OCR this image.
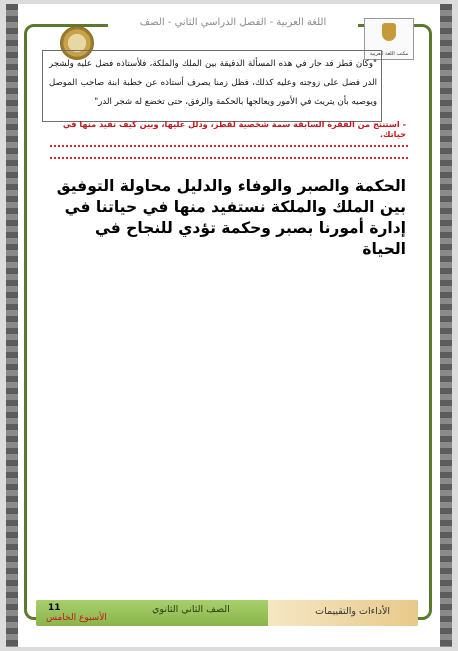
اللغة العربية - الفصل الدراسي الثاني - الصف
مكتب اللغة العربية
"وكان قطز قد حار في هذه المسألة الدقيقة بين الملك والملكة، فلأستاذه فضل عليه ولشجر الدر فضل على زوجته وعليه كذلك، فظل زمنا يصرف أستاذه عن خطبة ابنة صاحب الموصل ويوصيه بأن يتريث في الأمور ويعالجها بالحكمة والرفق، حتى تخضع له شجر الدر"
- استنتج من الفقرة السابقة سمة شخصية لقطز، ودلل عليها، وبين كيف تفيد منها في حياتك.
الحكمة والصبر والوفاء والدليل محاولة التوفيق بين الملك والملكة نستفيد منها في حياتنا في إدارة أمورنا بصبر وحكمة تؤدي للنجاح في الحياة
الأداءات والتقييمات
الصف الثاني الثانوي
11
الأسبوع الخامس
